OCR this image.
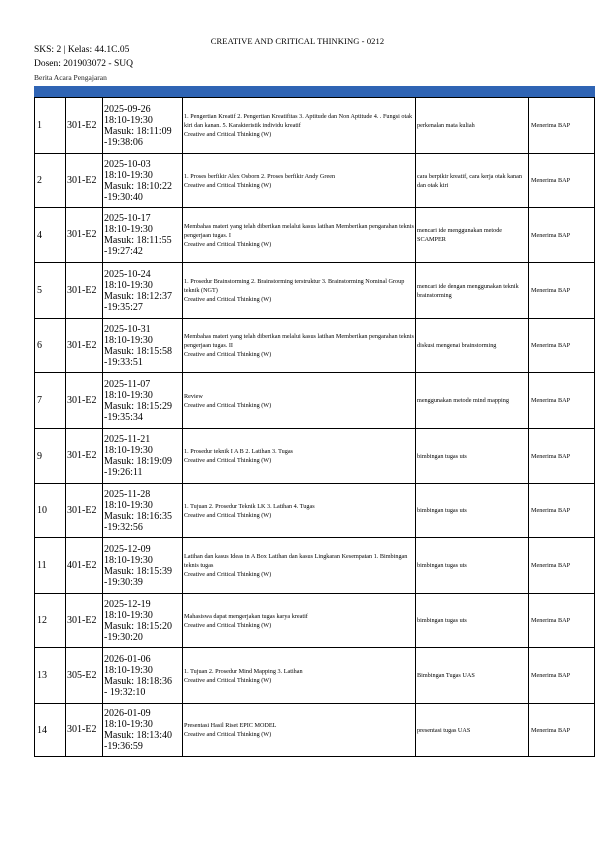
CREATIVE AND CRITICAL THINKING - 0212
SKS: 2 | Kelas: 44.1C.05
Dosen: 201903072 - SUQ
Berita Acara Pengajaran
1	301-E2	2025-09-26
18:10-19:30
Masuk: 18:11:09
-19:38:06	1. Pengertian Kreatif 2. Pengertian Kreatifitas 3. Aptitude dan Non Aptitude 4. . Fungsi otak kiri dan kanan. 5. Karakteristik individu kreatif
Creative and Critical Thinking (W)	perkenalan mata kuliah	Menerima BAP
2	301-E2	2025-10-03
18:10-19:30
Masuk: 18:10:22
-19:30:40	1. Proses berfikir Alex Osborn 2. Proses berfikir Andy Green
Creative and Critical Thinking (W)	cara berpikir kreatif, cara kerja otak kanan dan otak kiri	Menerima BAP
4	301-E2	2025-10-17
18:10-19:30
Masuk: 18:11:55
-19:27:42	Membahas materi yang telah diberikan melalui kasus latihan Memberikan pengarahan teknis pengerjaan tugas. I
Creative and Critical Thinking (W)	mencari ide menggunakan metode SCAMPER	Menerima BAP
5	301-E2	2025-10-24
18:10-19:30
Masuk: 18:12:37
-19:35:27	1. Prosedur Brainstorming 2. Brainstorming terstruktur 3. Brainstorming Nominal Group teknik (NGT)
Creative and Critical Thinking (W)	mencari ide dengan menggunakan teknik brainstorming	Menerima BAP
6	301-E2	2025-10-31
18:10-19:30
Masuk: 18:15:58
-19:33:51	Membahas materi yang telah diberikan melalui kasus latihan Memberikan pengarahan teknis pengerjaan tugas. II
Creative and Critical Thinking (W)	diskusi mengenai brainstorming	Menerima BAP
7	301-E2	2025-11-07
18:10-19:30
Masuk: 18:15:29
-19:35:34	Review
Creative and Critical Thinking (W)	menggunakan metode mind mapping	Menerima BAP
9	301-E2	2025-11-21
18:10-19:30
Masuk: 18:19:09
-19:26:11	1. Prosedur teknik I A B 2. Latihan 3. Tugas
Creative and Critical Thinking (W)	bimbingan tugas uts	Menerima BAP
10	301-E2	2025-11-28
18:10-19:30
Masuk: 18:16:35
-19:32:56	1. Tujuan 2. Prosedur Teknik LK 3. Latihan 4. Tugas
Creative and Critical Thinking (W)	bimbingan tugas uts	Menerima BAP
11	401-E2	2025-12-09
18:10-19:30
Masuk: 18:15:39
-19:30:39	Latihan dan kasus Ideas in A Box Latihan dan kasus Lingkaran Kesempatan 1. Bimbingan teknis tugas
Creative and Critical Thinking (W)	bimbingan tugas uts	Menerima BAP
12	301-E2	2025-12-19
18:10-19:30
Masuk: 18:15:20
-19:30:20	Mahasiswa dapat mengerjakan tugas karya kreatif
Creative and Critical Thinking (W)	bimbingan tugas uts	Menerima BAP
13	305-E2	2026-01-06
18:10-19:30
Masuk: 18:18:36
- 19:32:10	1. Tujuan 2. Prosedur Mind Mapping 3. Latihan
Creative and Critical Thinking (W)	Bimbingan Tugas UAS	Menerima BAP
14	301-E2	2026-01-09
18:10-19:30
Masuk: 18:13:40
-19:36:59	Presentasi Hasil Riset EPIC MODEL
Creative and Critical Thinking (W)	presentasi tugas UAS	Menerima BAP
